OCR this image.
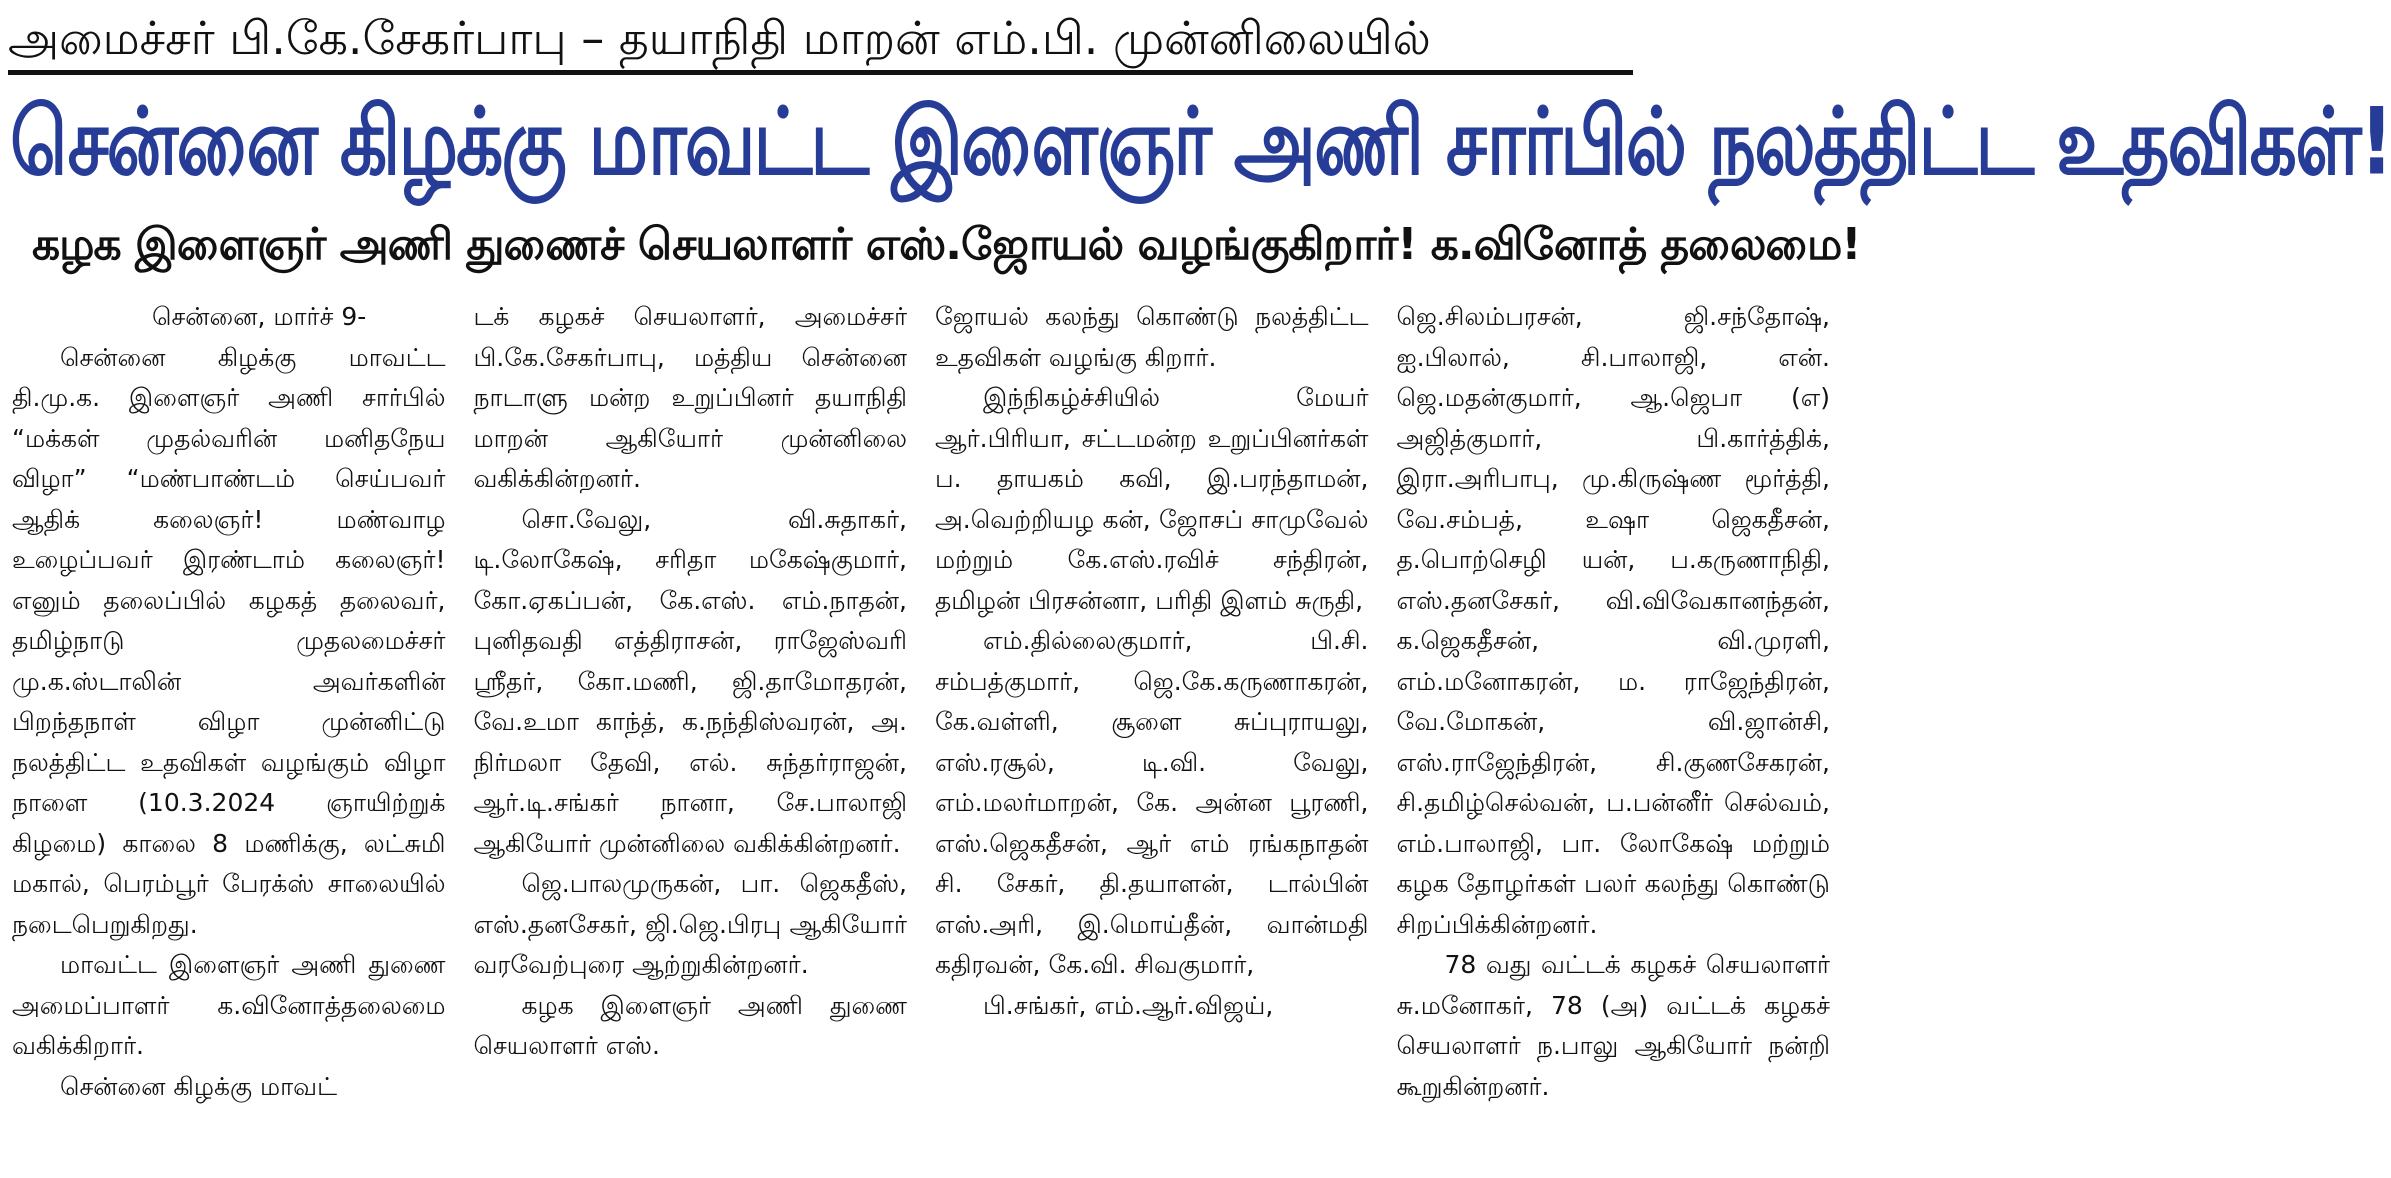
அமைச்சர் பி.கே.சேகர்பாபு – தயாநிதி மாறன் எம்.பி. முன்னிலையில்
சென்னை கிழக்கு மாவட்ட இளைஞர் அணி சார்பில் நலத்திட்ட உதவிகள்!
கழக இளைஞர் அணி துணைச் செயலாளர் எஸ்.ஜோயல் வழங்குகிறார்! க.வினோத் தலைமை!

சென்னை, மார்ச் 9-

சென்னை கிழக்கு மாவட்ட தி.மு.க. இளைஞர் அணி சார்பில் “மக்கள் முதல்வரின் மனிதநேய விழா” “மண்பாண்டம் செய்பவர் ஆதிக் கலைஞர்! மண்வாழ உழைப்பவர் இரண்டாம் கலைஞர்! எனும் தலைப்பில் கழகத் தலைவர், தமிழ்நாடு முதலமைச்சர் மு.க.ஸ்டாலின் அவர்களின் பிறந்தநாள் விழா முன்னிட்டு நலத்திட்ட உதவிகள் வழங்கும் விழா நாளை (10.3.2024 ஞாயிற்றுக் கிழமை) காலை 8 மணிக்கு, லட்சுமி மகால், பெரம்பூர் பேரக்ஸ் சாலையில் நடைபெறுகிறது.

மாவட்ட இளைஞர் அணி துணை அமைப்பாளர் க.வினோத்தலைமை வகிக்கிறார்.

சென்னை கிழக்கு மாவட்

டக் கழகச் செயலாளர், அமைச்சர் பி.கே.சேகர்பாபு, மத்திய சென்னை நாடாளு மன்ற உறுப்பினர் தயாநிதி மாறன் ஆகியோர் முன்னிலை வகிக்கின்றனர்.

சொ.வேலு, வி.சுதாகர், டி.லோகேஷ், சரிதா மகேஷ்குமார், கோ.ஏகப்பன், கே.எஸ். எம்.நாதன், புனிதவதி எத்திராசன், ராஜேஸ்வரி ஸ்ரீதர், கோ.மணி, ஜி.தாமோதரன், வே.உமா காந்த், க.நந்திஸ்வரன், அ. நிர்மலா தேவி, எல். சுந்தர்ராஜன், ஆர்.டி.சங்கர் நானா, சே.பாலாஜி ஆகியோர் முன்னிலை வகிக்கின்றனர்.

ஜெ.பாலமுருகன், பா. ஜெகதீஸ், எஸ்.தனசேகர், ஜி.ஜெ.பிரபு ஆகியோர் வரவேற்புரை ஆற்றுகின்றனர்.

கழக இளைஞர் அணி துணை செயலாளர் எஸ்.

ஜோயல் கலந்து கொண்டு நலத்திட்ட உதவிகள் வழங்கு கிறார்.

இந்நிகழ்ச்சியில் மேயர் ஆர்.பிரியா, சட்டமன்ற உறுப்பினர்கள் ப. தாயகம் கவி, இ.பரந்தாமன், அ.வெற்றியழ கன், ஜோசப் சாமுவேல் மற்றும் கே.எஸ்.ரவிச் சந்திரன், தமிழன் பிரசன்னா, பரிதி இளம் சுருதி,

எம்.தில்லைகுமார், பி.சி. சம்பத்குமார், ஜெ.கே.கருணாகரன், கே.வள்ளி, சூளை சுப்புராயலு, எஸ்.ரசூல், டி.வி. வேலு, எம்.மலர்மாறன், கே. அன்ன பூரணி, எஸ்.ஜெகதீசன், ஆர் எம் ரங்கநாதன் சி. சேகர், தி.தயாளன், டால்பின் எஸ்.அரி, இ.மொய்தீன், வான்மதி கதிரவன், கே.வி. சிவகுமார்,

பி.சங்கர், எம்.ஆர்.விஜய்,

ஜெ.சிலம்பரசன், ஜி.சந்தோஷ், ஐ.பிலால், சி.பாலாஜி, என். ஜெ.மதன்குமார், ஆ.ஜெபா (எ) அஜித்குமார், பி.கார்த்திக், இரா.அரிபாபு, மு.கிருஷ்ண மூர்த்தி, வே.சம்பத், உஷா ஜெகதீசன், த.பொற்செழி யன், ப.கருணாநிதி, எஸ்.தனசேகர், வி.விவேகானந்தன், க.ஜெகதீசன், வி.முரளி, எம்.மனோகரன், ம. ராஜேந்திரன், வே.மோகன், வி.ஜான்சி, எஸ்.ராஜேந்திரன், சி.குணசேகரன், சி.தமிழ்செல்வன், ப.பன்னீர் செல்வம், எம்.பாலாஜி, பா. லோகேஷ் மற்றும் கழக தோழர்கள் பலர் கலந்து கொண்டு சிறப்பிக்கின்றனர்.

78 வது வட்டக் கழகச் செயலாளர் சு.மனோகர், 78 (அ) வட்டக் கழகச் செயலாளர் ந.பாலு ஆகியோர் நன்றி கூறுகின்றனர்.
